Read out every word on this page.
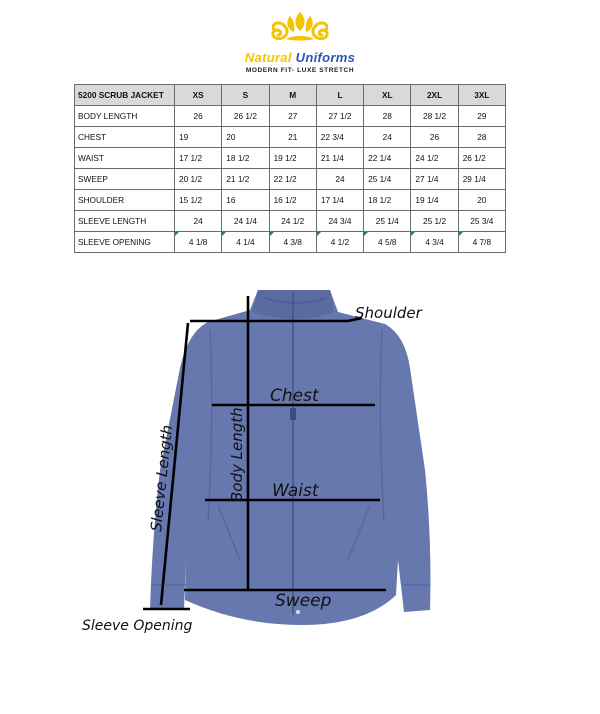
Natural Uniforms
MODERN FIT- LUXE STRETCH
5200 SCRUB JACKET	XS	S	M	L	XL	2XL	3XL
BODY LENGTH	26	26 1/2	27	27 1/2	28	28 1/2	29
CHEST	19	20	21	22 3/4	24	26	28
WAIST	17 1/2	18 1/2	19 1/2	21 1/4	22 1/4	24 1/2	26 1/2
SWEEP	20 1/2	21 1/2	22 1/2	24	25 1/4	27 1/4	29 1/4
SHOULDER	15 1/2	16	16 1/2	17 1/4	18 1/2	19 1/4	20
SLEEVE LENGTH	24	24 1/4	24 1/2	24 3/4	25 1/4	25 1/2	25 3/4
SLEEVE OPENING	4 1/8	4 1/4	4 3/8	4 1/2	4 5/8	4 3/4	4 7/8
Shoulder
Chest
Waist
Sweep
Body Length
Sleeve Length
Sleeve Opening
